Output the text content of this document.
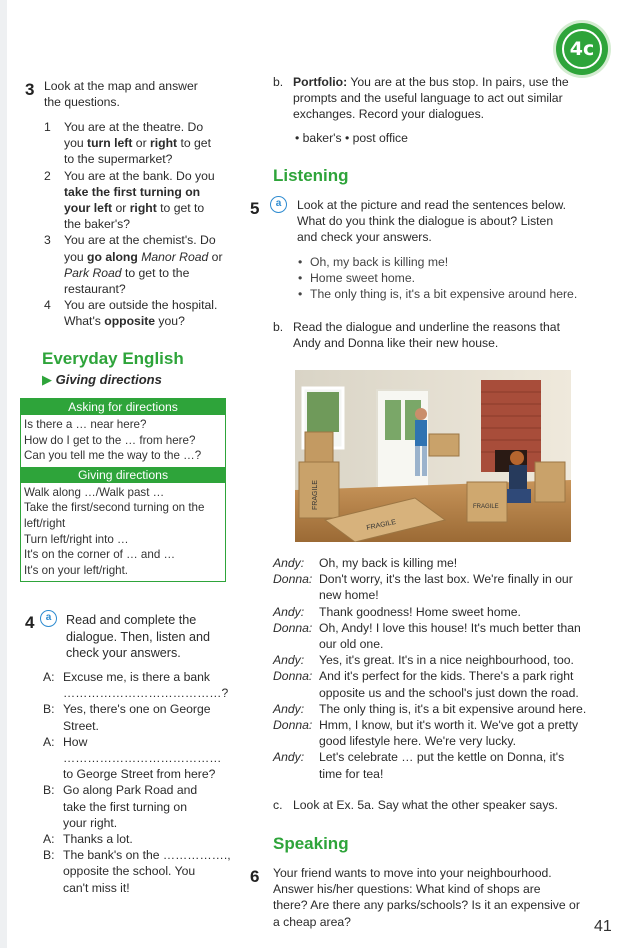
4c
3 Look at the map and answer
the questions.
1 You are at the theatre. Do
you turn left or right to get
to the supermarket?
2 You are at the bank. Do you
take the first turning on
your left or right to get to
the baker's?
3 You are at the chemist's. Do
you go along Manor Road or
Park Road to get to the
restaurant?
4 You are outside the hospital.
What's opposite you?
Everyday English
▶ Giving directions
Asking for directions
Is there a … near here?
How do I get to the … from here?
Can you tell me the way to the …?
Giving directions
Walk along …/Walk past …
Take the first/second turning on the
left/right
Turn left/right into …
It's on the corner of … and …
It's on your left/right.
4	a	Read and complete the
dialogue. Then, listen and
check your answers.
A: Excuse me, is there a bank
…………………………………?
B: Yes, there's one on George
Street.
A: How …………………………………
to George Street from here?
B: Go along Park Road and
take the first turning on
your right.
A: Thanks a lot.
B: The bank's on the …………….,
opposite the school. You
can't miss it!
b. Portfolio: You are at the bus stop. In pairs, use the
prompts and the useful language to act out similar
exchanges. Record your dialogues.
• baker's • post office
Listening
5	a	Look at the picture and read the sentences below.
What do you think the dialogue is about? Listen
and check your answers.
• Oh, my back is killing me!
• Home sweet home.
• The only thing is, it's a bit expensive around here.
b. Read the dialogue and underline the reasons that
Andy and Donna like their new house.
FRAGILE
FRAGILE
FRAGILE
Andy:	Oh, my back is killing me!
Donna: Don't worry, it's the last box. We're finally in our
new home!
Andy:	Thank goodness! Home sweet home.
Donna: Oh, Andy! I love this house! It's much better than
our old one.
Andy:	Yes, it's great. It's in a nice neighbourhood, too.
Donna: And it's perfect for the kids. There's a park right
opposite us and the school's just down the road.
Andy:	The only thing is, it's a bit expensive around here.
Donna: Hmm, I know, but it's worth it. We've got a pretty
good lifestyle here. We're very lucky.
Andy:	Let's celebrate … put the kettle on Donna, it's
time for tea!
c. Look at Ex. 5a. Say what the other speaker says.
Speaking
6 Your friend wants to move into your neighbourhood.
Answer his/her questions: What kind of shops are
there? Are there any parks/schools? Is it an expensive or
a cheap area?	41
